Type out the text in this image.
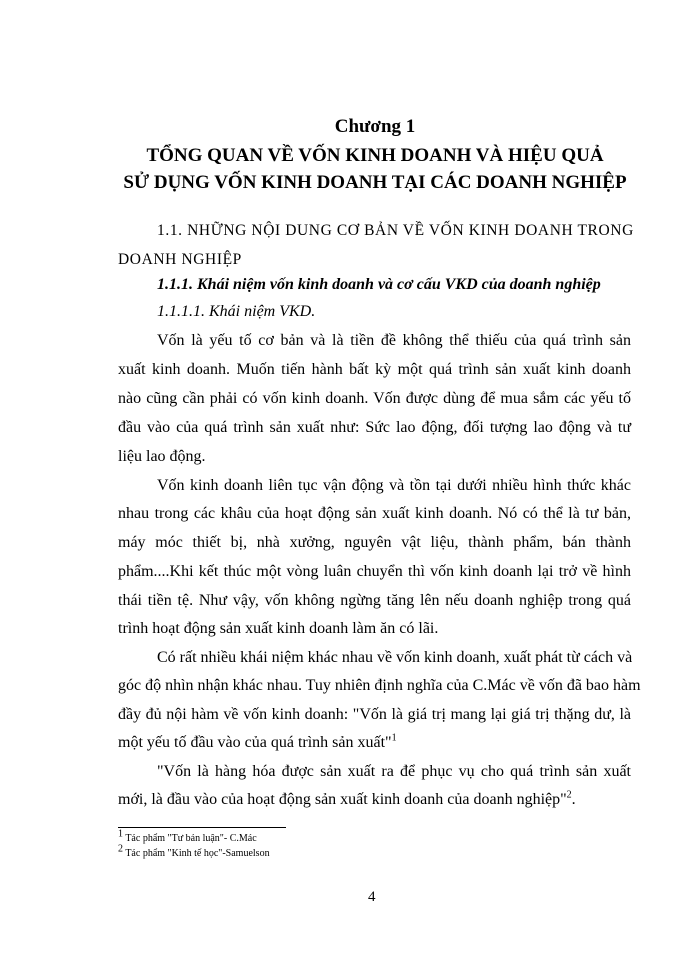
Chương 1
TỔNG QUAN VỀ VỐN KINH DOANH VÀ HIỆU QUẢ
SỬ DỤNG VỐN KINH DOANH TẠI CÁC DOANH NGHIỆP
1.1. NHỮNG NỘI DUNG CƠ BẢN VỀ VỐN KINH DOANH TRONG
DOANH NGHIỆP
1.1.1. Khái niệm vốn kinh doanh và cơ cấu VKD của doanh nghiệp
1.1.1.1. Khái niệm VKD.
Vốn là yếu tố cơ bản và là tiền đề không thể thiếu của quá trình sản
xuất kinh doanh. Muốn tiến hành bất kỳ một quá trình sản xuất kinh doanh
nào cũng cần phải có vốn kinh doanh. Vốn được dùng để mua sắm các yếu tố
đầu vào của quá trình sản xuất như: Sức lao động, đối tượng lao động và tư
liệu lao động.
Vốn kinh doanh liên tục vận động và tồn tại dưới nhiều hình thức khác
nhau trong các khâu của hoạt động sản xuất kinh doanh. Nó có thể là tư bản,
máy móc thiết bị, nhà xưởng, nguyên vật liệu, thành phẩm, bán thành
phẩm....Khi kết thúc một vòng luân chuyển thì vốn kinh doanh lại trở về hình
thái tiền tệ. Như vậy, vốn không ngừng tăng lên nếu doanh nghiệp trong quá
trình hoạt động sản xuất kinh doanh làm ăn có lãi.
Có rất nhiều khái niệm khác nhau về vốn kinh doanh, xuất phát từ cách và
góc độ nhìn nhận khác nhau. Tuy nhiên định nghĩa của C.Mác về vốn đã bao hàm
đầy đủ nội hàm về vốn kinh doanh: "Vốn là giá trị mang lại giá trị thặng dư, là
một yếu tố đầu vào của quá trình sản xuất"$^1$
"Vốn là hàng hóa được sản xuất ra để phục vụ cho quá trình sản xuất
mới, là đầu vào của hoạt động sản xuất kinh doanh của doanh nghiệp"$^2$.
$^1$ Tác phẩm "Tư bản luận"- C.Mác
$^2$ Tác phẩm "Kinh tế học"-Samuelson
4
